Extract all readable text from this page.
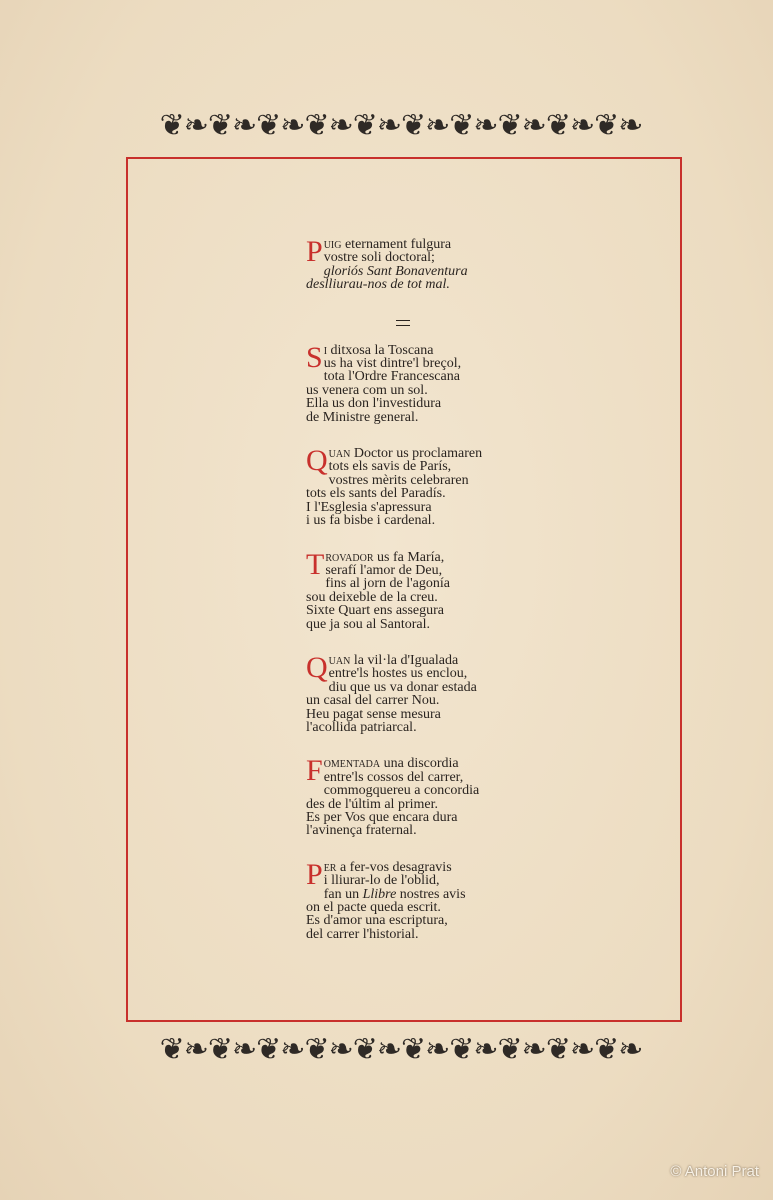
❦❧❦❧❦❧❦❧❦❧❦❧❦❧❦❧❦❧❦❧
P uig eternament fulgura

vostre soli doctoral;

gloriós Sant Bonaventura

deslliurau-nos de tot mal.

S i ditxosa la Toscana

us ha vist dintre'l breçol,

tota l'Ordre Francescana

us venera com un sol.

Ella us don l'investidura

de Ministre general.

Q uan Doctor us proclamaren

tots els savis de París,

vostres mèrits celebraren

tots els sants del Paradís.

I l'Esglesia s'apressura

i us fa bisbe i cardenal.

T rovador us fa María,

serafí l'amor de Deu,

fins al jorn de l'agonía

sou deixeble de la creu.

Sixte Quart ens assegura

que ja sou al Santoral.

Q uan la vil·la d'Igualada

entre'ls hostes us enclou,

diu que us va donar estada

un casal del carrer Nou.

Heu pagat sense mesura

l'acollida patriarcal.

F omentada una discordia

entre'ls cossos del carrer,

commogquereu a concordia

des de l'últim al primer.

Es per Vos que encara dura

l'avinença fraternal.

P er a fer-vos desagravis

i lliurar-lo de l'oblid,

fan un Llibre nostres avis

on el pacte queda escrit.

Es d'amor una escriptura,

del carrer l'historial.

❦❧❦❧❦❧❦❧❦❧❦❧❦❧❦❧❦❧❦❧
© Antoni Prat
